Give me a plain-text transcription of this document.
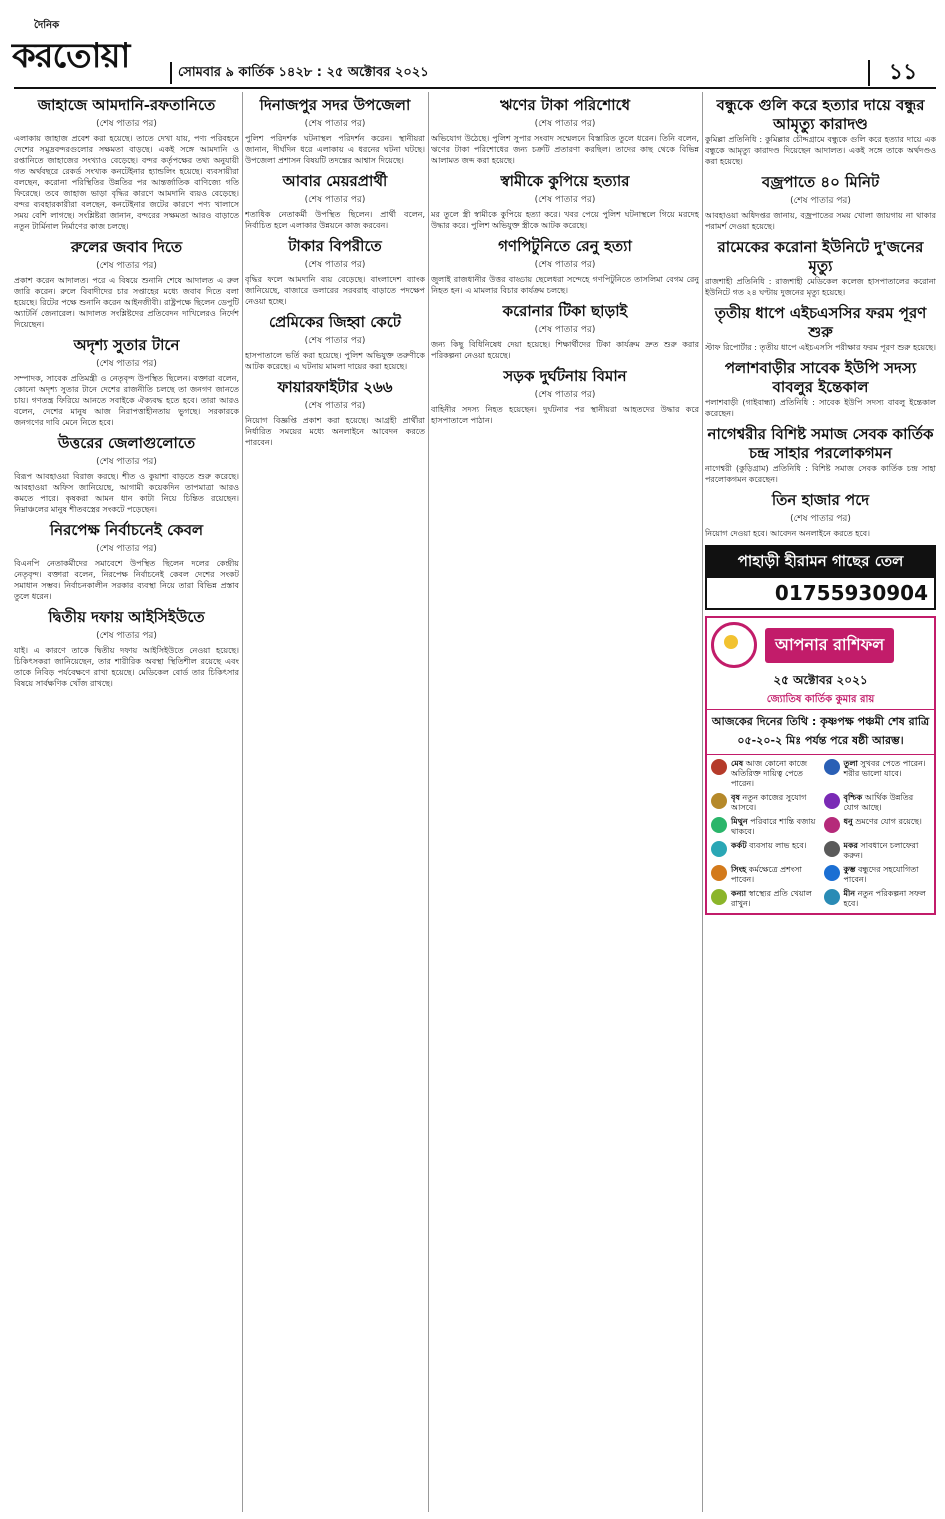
দৈনিক
করতোয়া	সোমবার ৯ কার্তিক ১৪২৮ : ২৫ অক্টোবর ২০২১	১১
জাহাজে আমদানি-রফতানিতে
(শেষ পাতার পর)

এলাকায় জাহাজ প্রবেশ করা হয়েছে। তাতে দেখা যায়, পণ্য পরিবহনে দেশের সমুদ্রবন্দরগুলোর সক্ষমতা বাড়ছে। একই সঙ্গে আমদানি ও রপ্তানিতে জাহাজের সংখ্যাও বেড়েছে। বন্দর কর্তৃপক্ষের তথ্য অনুযায়ী গত অর্থবছরে রেকর্ড সংখ্যক কনটেইনার হ্যান্ডলিং হয়েছে। ব্যবসায়ীরা বলছেন, করোনা পরিস্থিতির উন্নতির পর আন্তর্জাতিক বাণিজ্যে গতি ফিরেছে। তবে জাহাজ ভাড়া বৃদ্ধির কারণে আমদানি ব্যয়ও বেড়েছে। বন্দর ব্যবহারকারীরা বলছেন, কনটেইনার জটের কারণে পণ্য খালাসে সময় বেশি লাগছে। সংশ্লিষ্টরা জানান, বন্দরের সক্ষমতা আরও বাড়াতে নতুন টার্মিনাল নির্মাণের কাজ চলছে।

রুলের জবাব দিতে
(শেষ পাতার পর)

প্রকাশ করেন আদালত। পরে এ বিষয়ে শুনানি শেষে আদালত এ রুল জারি করেন। রুলে বিবাদীদের চার সপ্তাহের মধ্যে জবাব দিতে বলা হয়েছে। রিটের পক্ষে শুনানি করেন আইনজীবী। রাষ্ট্রপক্ষে ছিলেন ডেপুটি অ্যাটর্নি জেনারেল। আদালত সংশ্লিষ্টদের প্রতিবেদন দাখিলেরও নির্দেশ দিয়েছেন।

অদৃশ্য সুতার টানে
(শেষ পাতার পর)

সম্পাদক, সাবেক প্রতিমন্ত্রী ও নেতৃবৃন্দ উপস্থিত ছিলেন। বক্তারা বলেন, কোনো অদৃশ্য সুতার টানে দেশের রাজনীতি চলছে তা জনগণ জানতে চায়। গণতন্ত্র ফিরিয়ে আনতে সবাইকে ঐক্যবদ্ধ হতে হবে। তারা আরও বলেন, দেশের মানুষ আজ নিরাপত্তাহীনতায় ভুগছে। সরকারকে জনগণের দাবি মেনে নিতে হবে।

উত্তরের জেলাগুলোতে
(শেষ পাতার পর)

বিরূপ আবহাওয়া বিরাজ করছে। শীত ও কুয়াশা বাড়তে শুরু করেছে। আবহাওয়া অফিস জানিয়েছে, আগামী কয়েকদিন তাপমাত্রা আরও কমতে পারে। কৃষকরা আমন ধান কাটা নিয়ে চিন্তিত রয়েছেন। নিম্নাঞ্চলের মানুষ শীতবস্ত্রের সংকটে পড়েছেন।

নিরপেক্ষ নির্বাচনেই কেবল
(শেষ পাতার পর)

বিএনপি নেতাকর্মীদের সমাবেশে উপস্থিত ছিলেন দলের কেন্দ্রীয় নেতৃবৃন্দ। বক্তারা বলেন, নিরপেক্ষ নির্বাচনেই কেবল দেশের সংকট সমাধান সম্ভব। নির্বাচনকালীন সরকার ব্যবস্থা নিয়ে তারা বিভিন্ন প্রস্তাব তুলে ধরেন।

দ্বিতীয় দফায় আইসিইউতে
(শেষ পাতার পর)

যাই। এ কারণে তাকে দ্বিতীয় দফায় আইসিইউতে নেওয়া হয়েছে। চিকিৎসকরা জানিয়েছেন, তার শারীরিক অবস্থা স্থিতিশীল রয়েছে এবং তাকে নিবিড় পর্যবেক্ষণে রাখা হয়েছে। মেডিকেল বোর্ড তার চিকিৎসার বিষয়ে সার্বক্ষণিক খোঁজ রাখছে।

দিনাজপুর সদর উপজেলা
(শেষ পাতার পর)

পুলিশ পরিদর্শক ঘটনাস্থল পরিদর্শন করেন। স্থানীয়রা জানান, দীর্ঘদিন ধরে এলাকায় এ ধরনের ঘটনা ঘটছে। উপজেলা প্রশাসন বিষয়টি তদন্তের আশ্বাস দিয়েছে।

আবার মেয়রপ্রার্থী
(শেষ পাতার পর)

শতাধিক নেতাকর্মী উপস্থিত ছিলেন। প্রার্থী বলেন, নির্বাচিত হলে এলাকার উন্নয়নে কাজ করবেন।

টাকার বিপরীতে
(শেষ পাতার পর)

বৃদ্ধির ফলে আমদানি ব্যয় বেড়েছে। বাংলাদেশ ব্যাংক জানিয়েছে, বাজারে ডলারের সরবরাহ বাড়াতে পদক্ষেপ নেওয়া হচ্ছে।

প্রেমিকের জিহ্বা কেটে
(শেষ পাতার পর)

হাসপাতালে ভর্তি করা হয়েছে। পুলিশ অভিযুক্ত তরুণীকে আটক করেছে। এ ঘটনায় মামলা দায়ের করা হয়েছে।

ফায়ারফাইটার ২৬৬
(শেষ পাতার পর)

নিয়োগ বিজ্ঞপ্তি প্রকাশ করা হয়েছে। আগ্রহী প্রার্থীরা নির্ধারিত সময়ের মধ্যে অনলাইনে আবেদন করতে পারবেন।

ঋণের টাকা পরিশোধে
(শেষ পাতার পর)

অভিযোগ উঠেছে। পুলিশ সুপার সংবাদ সম্মেলনে বিস্তারিত তুলে ধরেন। তিনি বলেন, ঋণের টাকা পরিশোধের জন্য চক্রটি প্রতারণা করছিল। তাদের কাছ থেকে বিভিন্ন আলামত জব্দ করা হয়েছে।

স্বামীকে কুপিয়ে হত্যার
(শেষ পাতার পর)

মর তুলে স্ত্রী স্বামীকে কুপিয়ে হত্যা করে। খবর পেয়ে পুলিশ ঘটনাস্থলে গিয়ে মরদেহ উদ্ধার করে। পুলিশ অভিযুক্ত স্ত্রীকে আটক করেছে।

গণপিটুনিতে রেনু হত্যা
(শেষ পাতার পর)

জুলাই রাজধানীর উত্তর বাড্ডায় ছেলেধরা সন্দেহে গণপিটুনিতে তাসলিমা বেগম রেনু নিহত হন। এ মামলার বিচার কার্যক্রম চলছে।

করোনার টিকা ছাড়াই
(শেষ পাতার পর)

জন্য কিছু বিধিনিষেধ দেয়া হয়েছে। শিক্ষার্থীদের টিকা কার্যক্রম দ্রুত শুরু করার পরিকল্পনা নেওয়া হয়েছে।

সড়ক দুর্ঘটনায় বিমান
(শেষ পাতার পর)

বাহিনীর সদস্য নিহত হয়েছেন। দুর্ঘটনার পর স্থানীয়রা আহতদের উদ্ধার করে হাসপাতালে পাঠান।

বন্ধুকে গুলি করে হত্যার দায়ে বন্ধুর আমৃত্যু কারাদণ্ড

কুমিল্লা প্রতিনিধি : কুমিল্লার চৌদ্দগ্রামে বন্ধুকে গুলি করে হত্যার দায়ে এক বন্ধুকে আমৃত্যু কারাদণ্ড দিয়েছেন আদালত। একই সঙ্গে তাকে অর্থদণ্ডও করা হয়েছে।

বজ্রপাতে ৪০ মিনিট
(শেষ পাতার পর)

আবহাওয়া অধিদপ্তর জানায়, বজ্রপাতের সময় খোলা জায়গায় না থাকার পরামর্শ দেওয়া হয়েছে।

রামেকের করোনা ইউনিটে দু'জনের মৃত্যু

রাজশাহী প্রতিনিধি : রাজশাহী মেডিকেল কলেজ হাসপাতালের করোনা ইউনিটে গত ২৪ ঘণ্টায় দুজনের মৃত্যু হয়েছে।

তৃতীয় ধাপে এইচএসসির ফরম পূরণ শুরু

স্টাফ রিপোর্টার : তৃতীয় ধাপে এইচএসসি পরীক্ষার ফরম পূরণ শুরু হয়েছে।

পলাশবাড়ীর সাবেক ইউপি সদস্য বাবলুর ইন্তেকাল

পলাশবাড়ী (গাইবান্ধা) প্রতিনিধি : সাবেক ইউপি সদস্য বাবলু ইন্তেকাল করেছেন।

নাগেশ্বরীর বিশিষ্ট সমাজ সেবক কার্তিক চন্দ্র সাহার পরলোকগমন

নাগেশ্বরী (কুড়িগ্রাম) প্রতিনিধি : বিশিষ্ট সমাজ সেবক কার্তিক চন্দ্র সাহা পরলোকগমন করেছেন।

তিন হাজার পদে
(শেষ পাতার পর)

নিয়োগ দেওয়া হবে। আবেদন অনলাইনে করতে হবে।

পাহাড়ী হীরামন গাছের তেল
01755930904
আপনার রাশিফল
২৫ অক্টোবর ২০২১
জ্যোতিষ কার্তিক কুমার রায়
আজকের দিনের তিথি : কৃষ্ণপক্ষ পঞ্চমী শেষ রাত্রি ০৫-২০-২ মিঃ পর্যন্ত পরে ষষ্ঠী আরম্ভ।
মেষ আজ কোনো কাজে অতিরিক্ত দায়িত্ব পেতে পারেন।
তুলা সুখবর পেতে পারেন। শরীর ভালো যাবে।
বৃষ নতুন কাজের সুযোগ আসবে।
বৃশ্চিক আর্থিক উন্নতির যোগ আছে।
মিথুন পরিবারে শান্তি বজায় থাকবে।
ধনু ভ্রমণের যোগ রয়েছে।
কর্কট ব্যবসায় লাভ হবে।	মকর সাবধানে চলাফেরা করুন।
সিংহ কর্মক্ষেত্রে প্রশংসা পাবেন।
কুম্ভ বন্ধুদের সহযোগিতা পাবেন।
কন্যা স্বাস্থ্যের প্রতি খেয়াল রাখুন।
মীন নতুন পরিকল্পনা সফল হবে।
